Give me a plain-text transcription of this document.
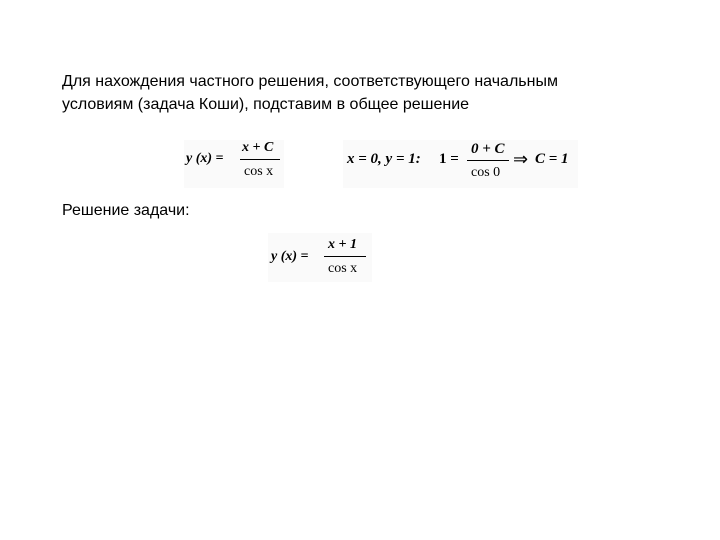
Для нахождения частного решения, соответствующего начальным
условиям (задача Коши), подставим в общее решение
y (x) =
x + C
cos x
x = 0, y = 1: 1 =
0 + C
cos 0
⇒ C = 1
Решение задачи:
y (x) =
x + 1
cos x
